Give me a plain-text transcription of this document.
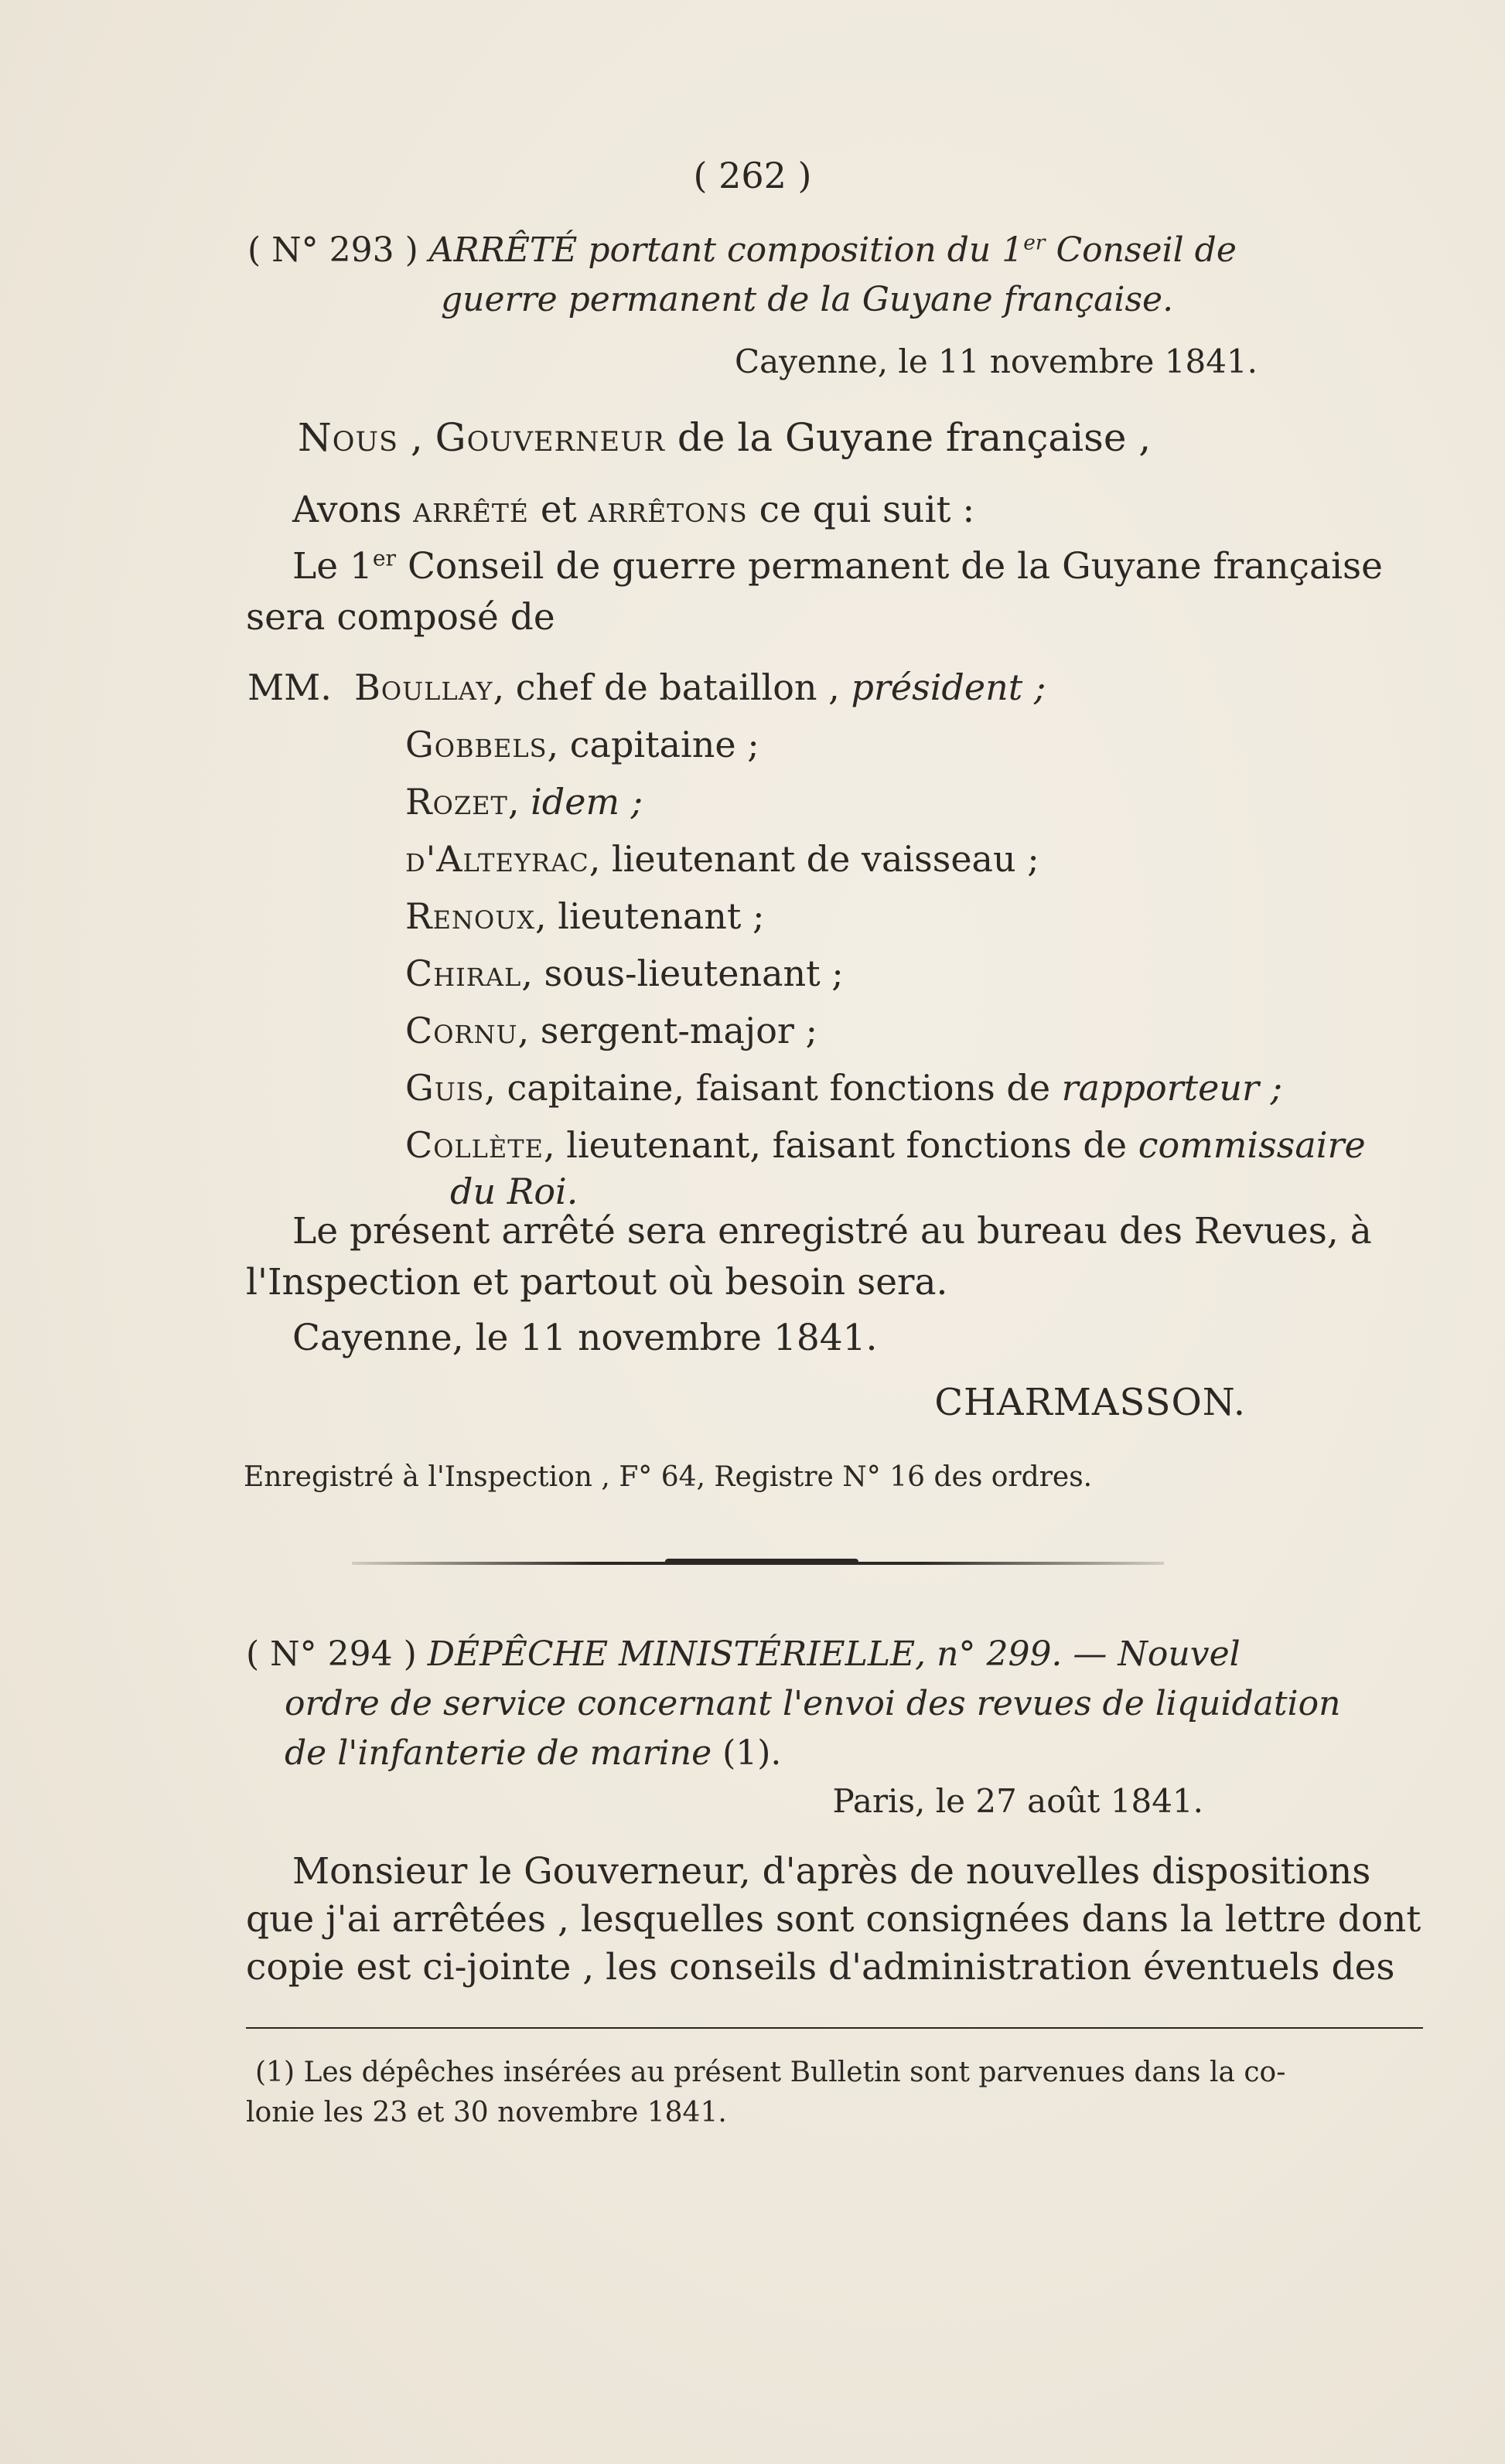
( 262 )
( N° 293 ) ARRÊTÉ portant composition du 1er Conseil de
guerre permanent de la Guyane française.
Cayenne, le 11 novembre 1841.
Nous , Gouverneur de la Guyane française ,
Avons arrêté et arrêtons ce qui suit :
Le 1er Conseil de guerre permanent de la Guyane française
sera composé de
MM. Boullay, chef de bataillon , président ;
Gobbels, capitaine ;
Rozet, idem ;
d'Alteyrac, lieutenant de vaisseau ;
Renoux, lieutenant ;
Chiral, sous-lieutenant ;
Cornu, sergent-major ;
Guis, capitaine, faisant fonctions de rapporteur ;
Collète, lieutenant, faisant fonctions de commissaire
du Roi.
Le présent arrêté sera enregistré au bureau des Revues, à
l'Inspection et partout où besoin sera.
Cayenne, le 11 novembre 1841.
CHARMASSON.
Enregistré à l'Inspection , F° 64, Registre N° 16 des ordres.
( N° 294 ) DÉPÊCHE MINISTÉRIELLE, n° 299. — Nouvel
ordre de service concernant l'envoi des revues de liquidation
de l'infanterie de marine (1).
Paris, le 27 août 1841.
Monsieur le Gouverneur, d'après de nouvelles dispositions
que j'ai arrêtées , lesquelles sont consignées dans la lettre dont
copie est ci-jointe , les conseils d'administration éventuels des
(1) Les dépêches insérées au présent Bulletin sont parvenues dans la co-
lonie les 23 et 30 novembre 1841.
